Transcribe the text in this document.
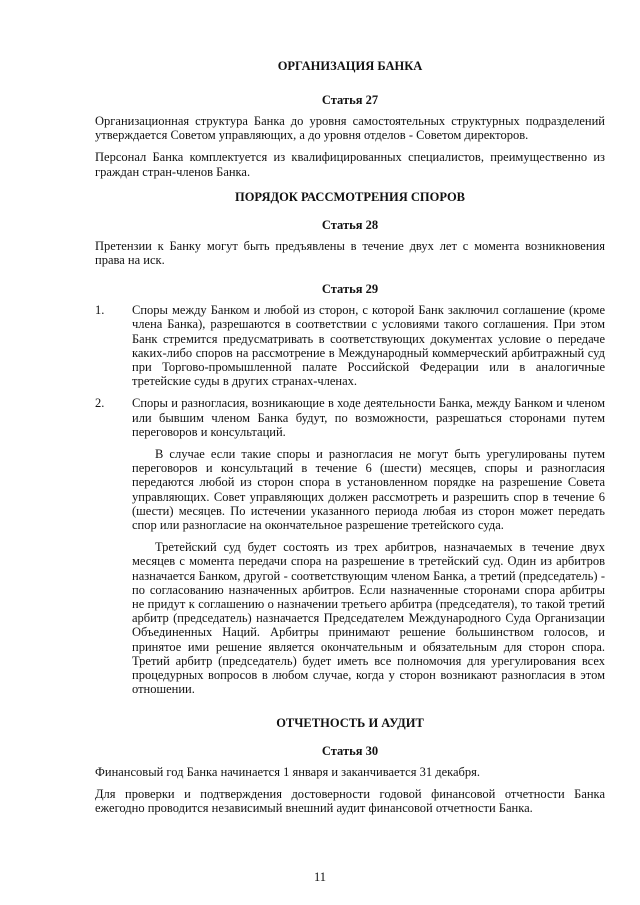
ОРГАНИЗАЦИЯ БАНКА
Статья 27

Организационная структура Банка до уровня самостоятельных структурных подразделений утверждается Советом управляющих, а до уровня отделов - Советом директоров.

Персонал Банка комплектуется из квалифицированных специалистов, преимущественно из граждан стран-членов Банка.

ПОРЯДОК РАССМОТРЕНИЯ СПОРОВ
Статья 28

Претензии к Банку могут быть предъявлены в течение двух лет с момента возникновения права на иск.

Статья 29
1.	Споры между Банком и любой из сторон, с которой Банк заключил соглашение (кроме члена Банка), разрешаются в соответствии с условиями такого соглашения. При этом Банк стремится предусматривать в соответствующих документах условие о передаче каких-либо споров на рассмотрение в Международный коммерческий арбитражный суд при Торгово-промышленной палате Российской Федерации или в аналогичные третейские суды в других странах-членах.

2.	Споры и разногласия, возникающие в ходе деятельности Банка, между Банком и членом или бывшим членом Банка будут, по возможности, разрешаться сторонами путем переговоров и консультаций.

В случае если такие споры и разногласия не могут быть урегулированы путем переговоров и консультаций в течение 6 (шести) месяцев, споры и разногласия передаются любой из сторон спора в установленном порядке на разрешение Совета управляющих. Совет управляющих должен рассмотреть и разрешить спор в течение 6 (шести) месяцев. По истечении указанного периода любая из сторон может передать спор или разногласие на окончательное разрешение третейского суда.

Третейский суд будет состоять из трех арбитров, назначаемых в течение двух месяцев с момента передачи спора на разрешение в третейский суд. Один из арбитров назначается Банком, другой - соответствующим членом Банка, а третий (председатель) - по согласованию назначенных арбитров. Если назначенные сторонами спора арбитры не придут к соглашению о назначении третьего арбитра (председателя), то такой третий арбитр (председатель) назначается Председателем Международного Суда Организации Объединенных Наций. Арбитры принимают решение большинством голосов, и принятое ими решение является окончательным и обязательным для сторон спора. Третий арбитр (председатель) будет иметь все полномочия для урегулирования всех процедурных вопросов в любом случае, когда у сторон возникают разногласия в этом отношении.

ОТЧЕТНОСТЬ И АУДИТ
Статья 30

Финансовый год Банка начинается 1 января и заканчивается 31 декабря.

Для проверки и подтверждения достоверности годовой финансовой отчетности Банка ежегодно проводится независимый внешний аудит финансовой отчетности Банка.

11
